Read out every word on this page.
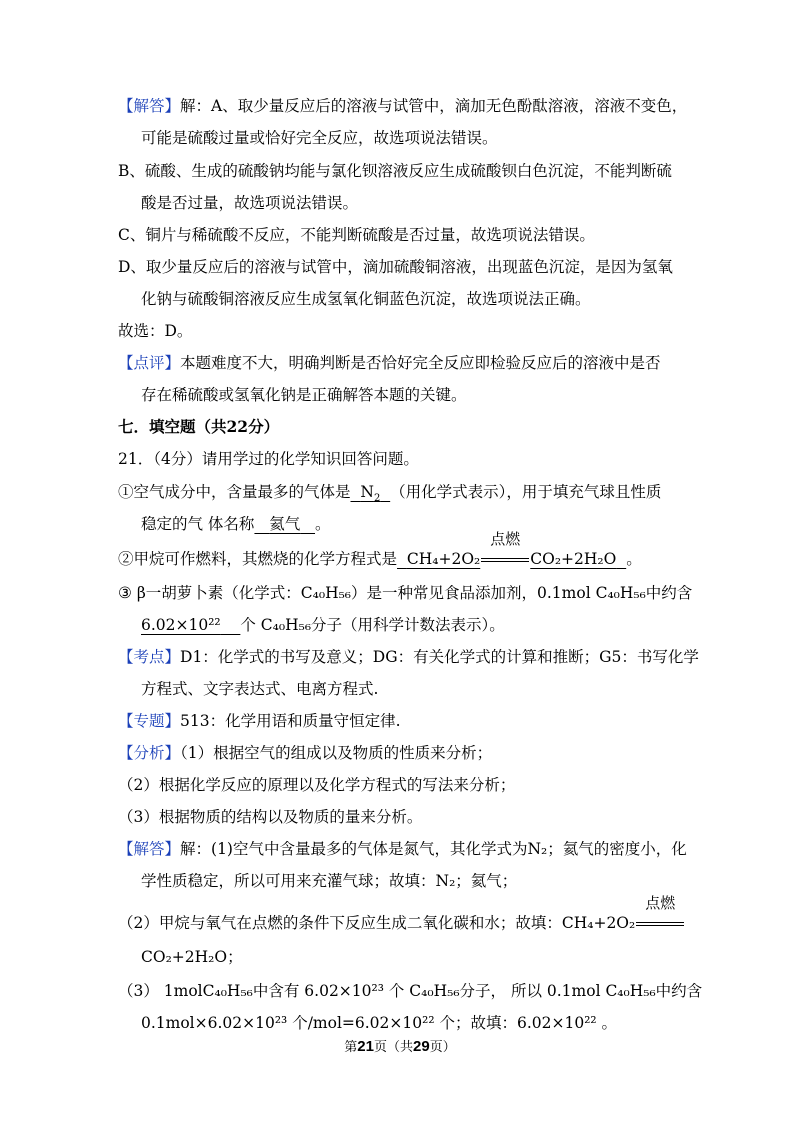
【解答】解：A、取少量反应后的溶液与试管中，滴加无色酚酞溶液，溶液不变色，
可能是硫酸过量或恰好完全反应，故选项说法错误。
B、硫酸、生成的硫酸钠均能与氯化钡溶液反应生成硫酸钡白色沉淀，不能判断硫
酸是否过量，故选项说法错误。
C、铜片与稀硫酸不反应，不能判断硫酸是否过量，故选项说法错误。
D、取少量反应后的溶液与试管中，滴加硫酸铜溶液，出现蓝色沉淀，是因为氢氧
化钠与硫酸铜溶液反应生成氢氧化铜蓝色沉淀，故选项说法正确。
故选：D。
【点评】本题难度不大，明确判断是否恰好完全反应即检验反应后的溶液中是否
存在稀硫酸或氢氧化钠是正确解答本题的关键。
七．填空题（共22分）
21．（4分）请用学过的化学知识回答问题。
①空气成分中，含量最多的气体是 $N_2$ （用化学式表示），用于填充气球且性质
稳定的气 体名称 氦气 。
②甲烷可作燃料，其燃烧的化学方程式是 CH₄+2O₂
点燃
CO₂+2H₂O 。
③ β一胡萝卜素（化学式：C₄₀H₅₆）是一种常见食品添加剂，0.1mol C₄₀H₅₆中约含
6.02×10²² 个 C₄₀H₅₆分子（用科学计数法表示）。
【考点】D1：化学式的书写及意义；DG：有关化学式的计算和推断；G5：书写化学
方程式、文字表达式、电离方程式.
【专题】513：化学用语和质量守恒定律.
【分析】（1）根据空气的组成以及物质的性质来分析；
（2）根据化学反应的原理以及化学方程式的写法来分析；
（3）根据物质的结构以及物质的量来分析。
【解答】解：(1)空气中含量最多的气体是氮气，其化学式为N₂；氦气的密度小，化
学性质稳定，所以可用来充灌气球；故填：N₂；氦气；
（2）甲烷与氧气在点燃的条件下反应生成二氧化碳和水；故填：CH₄+2O₂
点燃
CO₂+2H₂O；
（3） 1molC₄₀H₅₆中含有 6.02×10²³ 个 C₄₀H₅₆分子， 所以 0.1mol C₄₀H₅₆中约含
0.1mol×6.02×10²³ 个/mol=6.02×10²² 个；故填：6.02×10²² 。
第21页（共29页）
